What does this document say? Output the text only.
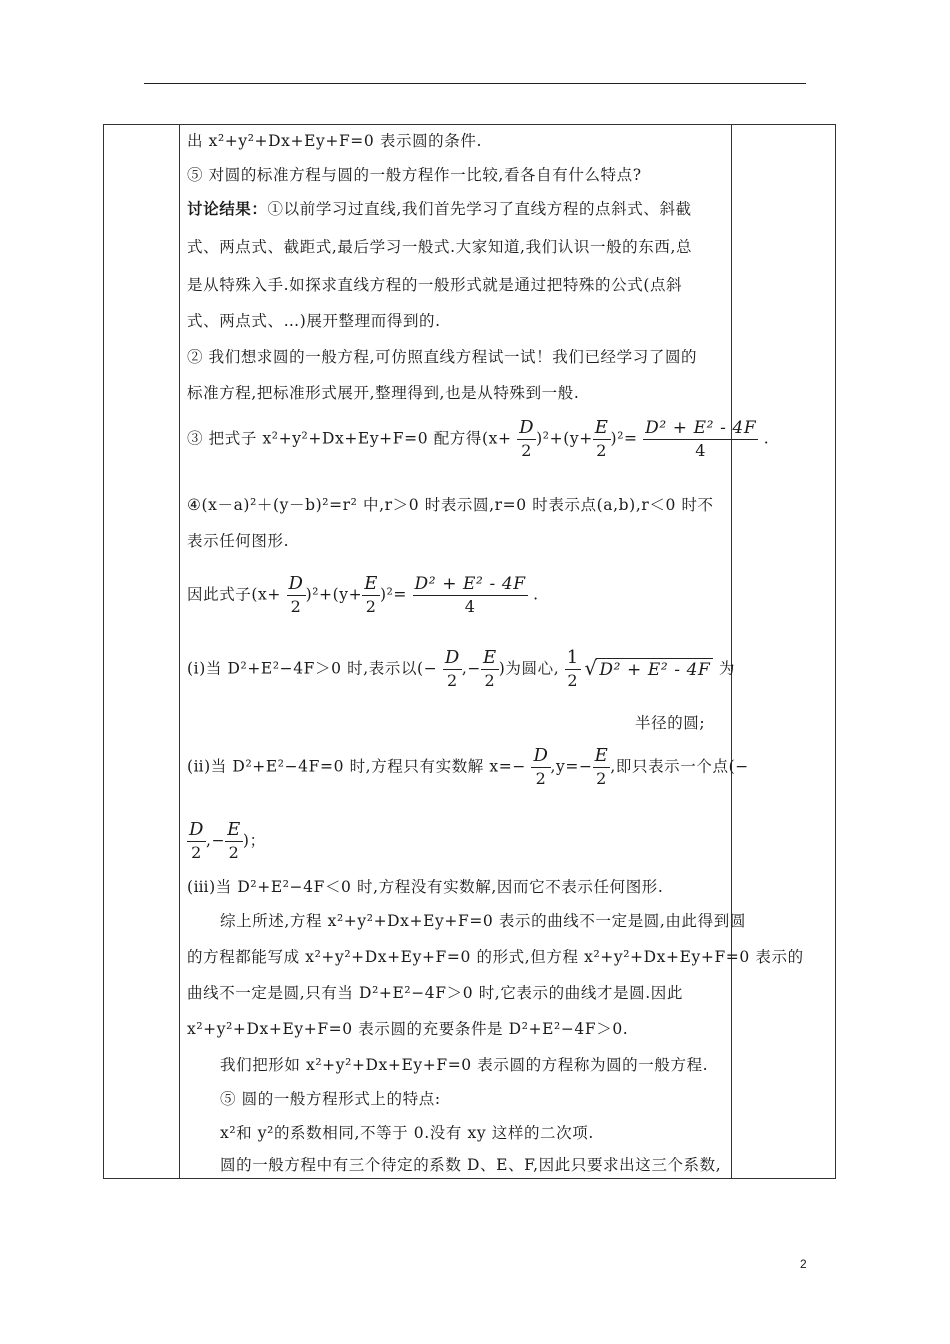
出 x²+y²+Dx+Ey+F=0 表示圆的条件.
⑤ 对圆的标准方程与圆的一般方程作一比较,看各自有什么特点?
讨论结果：①以前学习过直线,我们首先学习了直线方程的点斜式、斜截
式、两点式、截距式,最后学习一般式.大家知道,我们认识一般的东西,总
是从特殊入手.如探求直线方程的一般形式就是通过把特殊的公式(点斜
式、两点式、…)展开整理而得到的.
② 我们想求圆的一般方程,可仿照直线方程试一试！我们已经学习了圆的
标准方程,把标准形式展开,整理得到,也是从特殊到一般.
③ 把式子 x²+y²+Dx+Ey+F=0 配方得$(x+ \frac{D}{2} )^2+(y+ \frac{E}{2} )^2= \frac{\text{D² + E² - 4F}}{4}$ .
④(x－a)²＋(y－b)²=r² 中,r＞0 时表示圆,r=0 时表示点(a,b),r＜0 时不
表示任何图形.
因此式子$(x+ \frac{D}{2} )^2+(y+ \frac{E}{2} )^2= \frac{\text{D² + E² - 4F}}{4}$ .
(ⅰ)当 D²+E²−4F＞0 时,表示以(− $\frac{D}{2}$ ,− $\frac{E}{2}$ )为圆心, $\frac{1}{2}$
√ D² + E² - 4F 为
半径的圆;
(ⅱ)当 D²+E²−4F=0 时,方程只有实数解 $x=- \frac{D}{2} ,y=- \frac{E}{2}$ ,即只表示一个点(−
$\frac{D}{2}$ ,− $\frac{E}{2}$ )；
(ⅲ)当 D²+E²−4F＜0 时,方程没有实数解,因而它不表示任何图形.
综上所述,方程 x²+y²+Dx+Ey+F=0 表示的曲线不一定是圆,由此得到圆
的方程都能写成 x²+y²+Dx+Ey+F=0 的形式,但方程 x²+y²+Dx+Ey+F=0 表示的
曲线不一定是圆,只有当 D²+E²−4F＞0 时,它表示的曲线才是圆.因此
x²+y²+Dx+Ey+F=0 表示圆的充要条件是 D²+E²−4F＞0.
我们把形如 x²+y²+Dx+Ey+F=0 表示圆的方程称为圆的一般方程.
⑤ 圆的一般方程形式上的特点:
x²和 y²的系数相同,不等于 0.没有 xy 这样的二次项.
圆的一般方程中有三个待定的系数 D、E、F,因此只要求出这三个系数,
2
